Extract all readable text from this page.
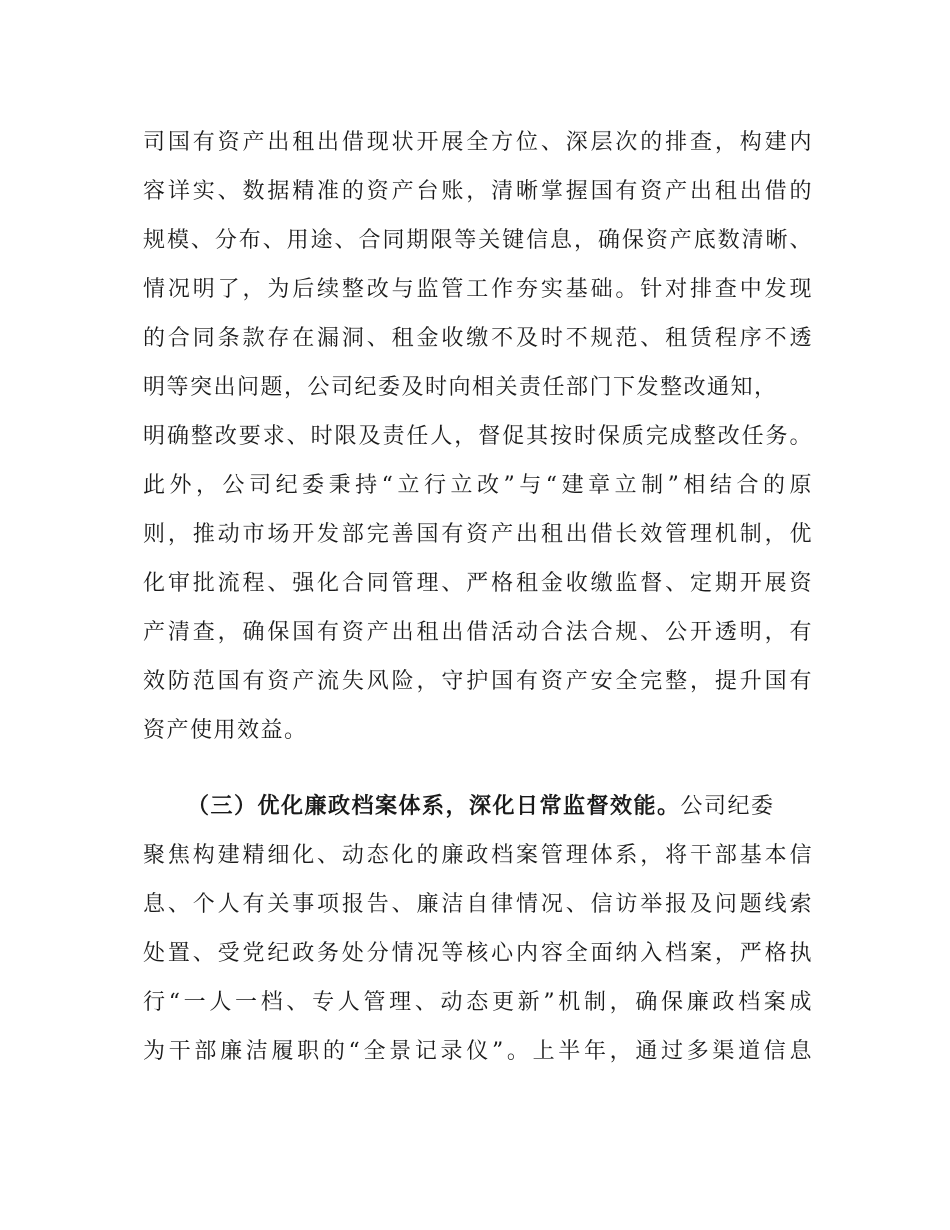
司国有资产出租出借现状开展全方位、深层次的排查，构建内
容详实、数据精准的资产台账，清晰掌握国有资产出租出借的
规模、分布、用途、合同期限等关键信息，确保资产底数清晰、
情况明了，为后续整改与监管工作夯实基础。针对排查中发现
的合同条款存在漏洞、租金收缴不及时不规范、租赁程序不透
明等突出问题，公司纪委及时向相关责任部门下发整改通知，
明确整改要求、时限及责任人，督促其按时保质完成整改任务。
此外，公司纪委秉持“立行立改”与“建章立制”相结合的原
则，推动市场开发部完善国有资产出租出借长效管理机制，优
化审批流程、强化合同管理、严格租金收缴监督、定期开展资
产清查，确保国有资产出租出借活动合法合规、公开透明，有
效防范国有资产流失风险，守护国有资产安全完整，提升国有
资产使用效益。
（三）优化廉政档案体系，深化日常监督效能。公司纪委
聚焦构建精细化、动态化的廉政档案管理体系，将干部基本信
息、个人有关事项报告、廉洁自律情况、信访举报及问题线索
处置、受党纪政务处分情况等核心内容全面纳入档案，严格执
行“一人一档、专人管理、动态更新”机制，确保廉政档案成
为干部廉洁履职的“全景记录仪”。上半年，通过多渠道信息
